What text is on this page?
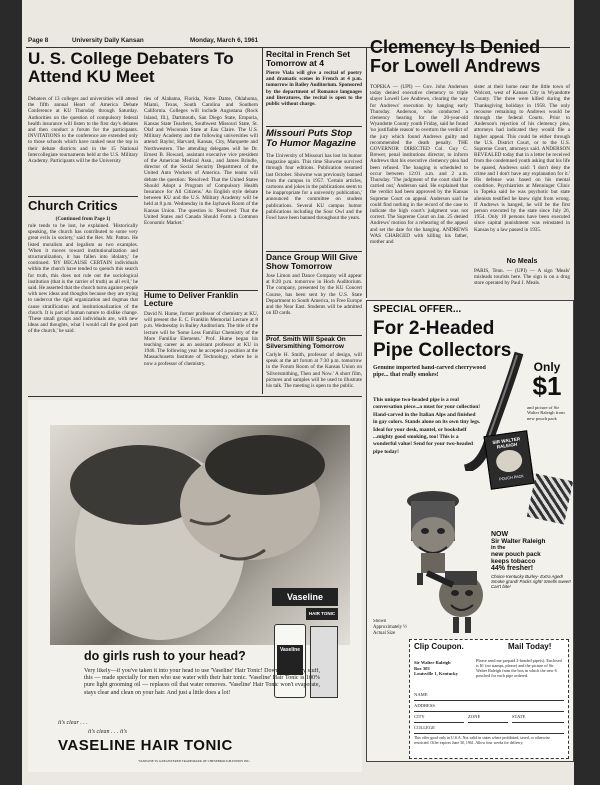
Page 8	University Daily Kansan	Monday, March 6, 1961
U. S. College Debaters To Attend KU Meet
Debaters of 13 colleges and universities will attend the fifth annual Heart of America Debate Conference at KU Thursday through Saturday. Authorities on the question of compulsory federal health insurance will listen to the first day's debates and then conduct a forum for the participants. INVITATIONS to the conference are extended only to those schools which have ranked near the top in their debate districts and in the 15 National Intercollegiate tournaments held at the U.S. Military Academy. Participants will be the University
ties of Alabama, Florida, Notre Dame, Oklahoma, Miami, Texas, South Carolina and Southern California. Colleges will include Augustana (Rock Island, Ill.), Dartmouth, San Diego State, Emporia, Kansas State Teachers, Southwest Missouri State, St. Olaf and Wisconsin State at Eau Claire. The U.S. Military Academy and the following universities will attend: Baylor, Harvard, Kansas, City, Marquette and Northwestern. The attending delegates will be Dr. Ernest B. Howard, assistant executive vice president of the American Medical Assn., and James Brindle, director of the Social Security Department of the United Auto Workers of America. The teams will debate the question: 'Resolved: That the United States Should Adopt a Program of Compulsory Health Insurance for All Citizens.' An English style debate between KU and the U.S. Military Academy will be held at 8 p.m. Wednesday in the Jayhawk Room of the Kansas Union. The question is: 'Resolved: That the United States and Canada Should Form a Common Economic Market.'
Church Critics
(Continued from Page 1)
rule tends to be lost, he explained. 'Historically speaking, the church has contributed to some very great evils in society,' said the Rev. Mr. Patton. He listed moralism and legalism as two examples. 'When it moves toward institutionalization and structuralization, it has fallen into idolatry,' he continued. 'BY BECAUSE CERTAIN individuals within the church have tended to quench this search for truth, this does not rule out the sociological institution (that is the carrier of truth) as all evil,' he said. He asserted that the church turns against people with new ideas and thoughts because they are trying to undercut the rigid organization and dogmas that cause stratification and institutionalization of the church. It is part of human nature to dislike change. 'These small groups and individuals are, with new ideas and thoughts, what I would call the good part of the church,' he said.
Hume to Deliver Franklin Lecture
David N. Hume, former professor of chemistry at KU, will present the E. C. Franklin Memorial Lecture at 8 p.m. Wednesday in Bailey Auditorium. The title of the lecture will be 'Some Less Familiar Chemistry of the More Familiar Elements.' Prof. Hume began his teaching career as an assistant professor at KU in 1946. The following year he accepted a position at the Massachusetts Institute of Technology, where he is now a professor of chemistry.
Recital in French Set Tomorrow at 4
Pierre Viala will give a recital of poetry and dramatic scenes in French at 4 p.m. tomorrow in Bailey Auditorium. Sponsored by the department of Romance languages and literatures, the recital is open to the public without charge.
Missouri Puts Stop To Humor Magazine
The University of Missouri has lost its humor magazine again. This time Showme survived through four editions. Publication resumed last October. Showme was previously banned from the campus in 1957. 'Certain articles, cartoons and jokes in the publications seem to be inappropriate for a university publication,' announced the committee on student publications. Several KU campus humor publications including the Sour Owl and the Fowl have been banned throughout the years.
Dance Group Will Give Show Tomorrow
Jose Limon and Dance Company will appear at 8:20 p.m. tomorrow in Hoch Auditorium. The company, presented by the KU Concert Course, has been sent by the U.S. State Department to South America, to Free Europe and the Near East. Students will be admitted on ID cards.
Prof. Smith Will Speak On Silversmithing Tomorrow
Carlyle H. Smith, professor of design, will speak at the art forum at 7:30 p.m. tomorrow in the Forum Room of the Kansas Union on 'Silversmithing, Then and Now.' A short film, pictures and samples will be used to illustrate his talk. The meeting is open to the public.
Clemency Is Denied For Lowell Andrews
TOPEKA — (UPI) — Gov. John Anderson today denied executive clemency to triple slayer Lowell Lee Andrews, clearing the way for Andrews' execution by hanging early Thursday. Anderson, who conducted a clemency hearing for the 20-year-old Wyandotte County youth Friday, said he found 'no justifiable reason' to overturn the verdict of the jury which found Andrews guilty and recommended the death penalty. THE GOVERNOR DIRECTED Col. Guy C. Brewer, penal institutions director, to inform Andrews that his executive clemency plea had been refused. The hanging is scheduled to occur between 12:01 a.m. and 2 a.m. Thursday. 'The judgment of the court shall be carried out,' Anderson said. He explained that the verdict had been approved by the Kansas Supreme Court on appeal. Anderson said he could find nothing in the record of the case to indicate the high court's judgment was not correct. The Supreme Court on Jan. 25 denied Andrews' motion for a rehearing of the appeal and set the date for the hanging. ANDREWS WAS CHARGED with killing his father, mother and
sister at their home near the little town of Wolcott, west of Kansas City in Wyandotte County. The three were killed during the Thanksgiving holidays in 1958. The only recourse remaining to Andrews would be through the federal Courts. Prior to Anderson's rejection of his clemency plea, attorneys had indicated they would file a higher appeal. This could be either through the U.S. District Court, or to the U.S. Supreme Court, attorneys said. ANDERSON REVEALED today that in a letter he received from the condemned youth asking that his life be spared, Andrews said: 'I don't deny the crime and I don't have any explanation for it.' His defense was based on his mental condition. Psychiatrists at Menninger Clinic in Topeka said he was psychotic but state alienists testified he knew right from wrong. If Andrews is hanged, he will be the first person executed by the state since July 26, 1954. Only 10 persons have been executed since capital punishment was reinstated in Kansas by a law passed in 1935.
No Meals
PARIS, Tenn. — (UPI) — A sign 'Meals' misleads tourists here. The sign is on a drug store operated by Paul J. Meals.
SPECIAL OFFER...
For 2-Headed
Pipe Collectors
Genuine imported hand-carved cherrywood pipe... that really smokes!
Only
$1
and picture of Sir Walter Raleigh from new pouch pack
This unique two-headed pipe is a real conversation piece...a must for your collection! Hand-carved in the Italian Alps and finished in gay colors. Stands alone on its own tiny legs. Ideal for your desk, mantel, or bookshelf ...mighty good smoking, too! This is a wonderful value! Send for your two-headed pipe today!
SIR WALTER RALEIGH
POUCH PACK
Shown Approximately ½ Actual Size
NOW
Sir Walter Raleigh
in the
new pouch pack
keeps tobacco
44% fresher!
Choice Kentucky Burley- Extra Aged! Smoke grand! Packs right! Smells sweet! Can't bite!
Clip Coupon.	Mail Today!
Sir Walter Raleigh
Box 303
Louisville 1, Kentucky
Please send me prepaid 2-headed pipe(s). Enclosed is $1 (no stamps, please) and the picture of Sir Walter Raleigh from the box in which the new 6 pouched for each pipe ordered.
NAME
ADDRESS
CITY	ZONE	STATE
COLLEGE
This offer good only in U.S.A. Not valid in states where prohibited, taxed, or otherwise restricted. Offer expires June 30, 1961. Allow four weeks for delivery.
Vaseline
HAIR TONIC
Vaseline
do girls rush to your head?
Very likely—if you've taken it into your head to use 'Vaseline' Hair Tonic! Downright heady stuff, this — made specially for men who use water with their hair tonic. 'Vaseline' Hair Tonic is 100% pure light grooming oil — replaces oil that water removes. 'Vaseline' Hair Tonic won't evaporate, stays clear and clean on your hair. And just a little does a lot!
it's clear . . .
it's clean . . . it's
VASELINE HAIR TONIC
'VASELINE' IS A REGISTERED TRADEMARK OF CHESEBROUGH-POND'S INC.
